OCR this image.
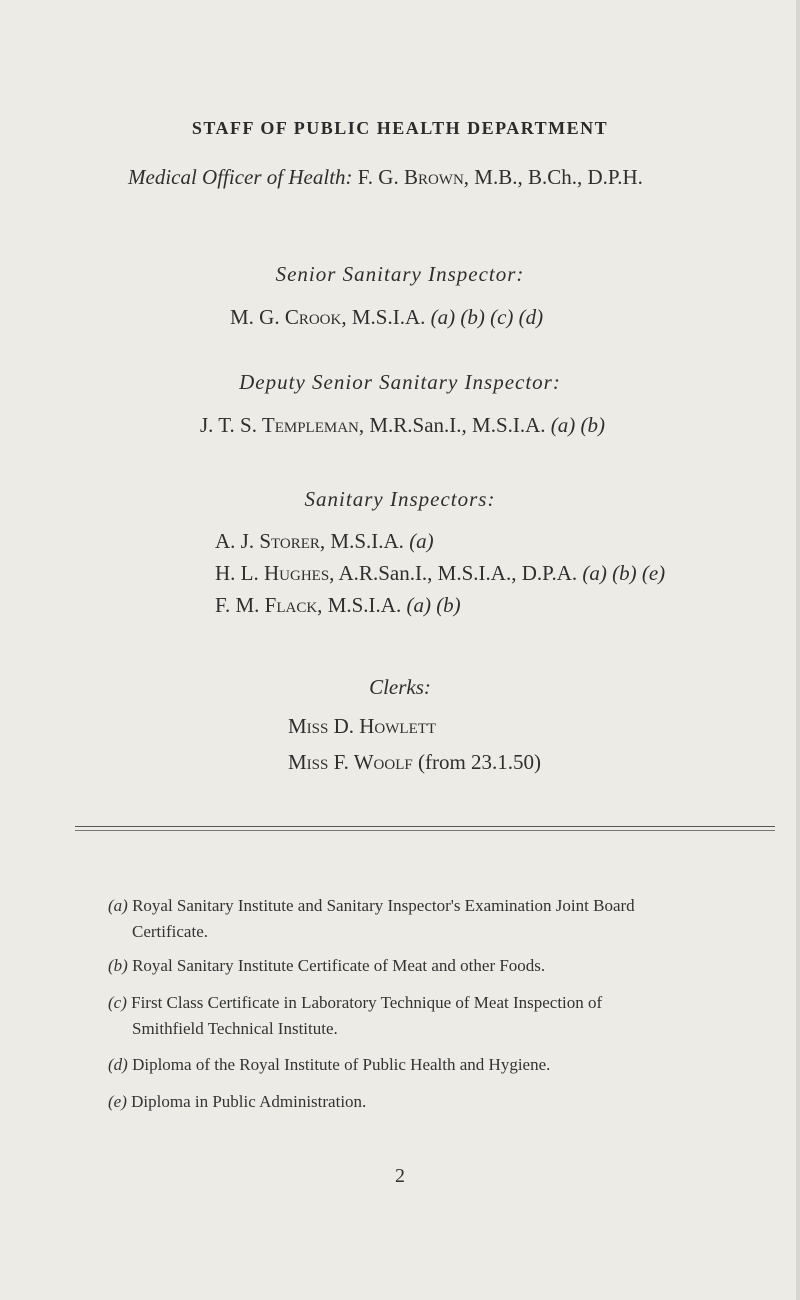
STAFF OF PUBLIC HEALTH DEPARTMENT
Medical Officer of Health: F. G. Brown, M.B., B.Ch., D.P.H.
Senior Sanitary Inspector:
M. G. Crook, M.S.I.A. (a) (b) (c) (d)
Deputy Senior Sanitary Inspector:
J. T. S. Templeman, M.R.San.I., M.S.I.A. (a) (b)
Sanitary Inspectors:
A. J. Storer, M.S.I.A. (a)
H. L. Hughes, A.R.San.I., M.S.I.A., D.P.A. (a) (b) (e)
F. M. Flack, M.S.I.A. (a) (b)
Clerks:
Miss D. Howlett
Miss F. Woolf (from 23.1.50)
(a) Royal Sanitary Institute and Sanitary Inspector's Examination Joint Board
Certificate.
(b) Royal Sanitary Institute Certificate of Meat and other Foods.
(c) First Class Certificate in Laboratory Technique of Meat Inspection of
Smithfield Technical Institute.
(d) Diploma of the Royal Institute of Public Health and Hygiene.
(e) Diploma in Public Administration.
2
